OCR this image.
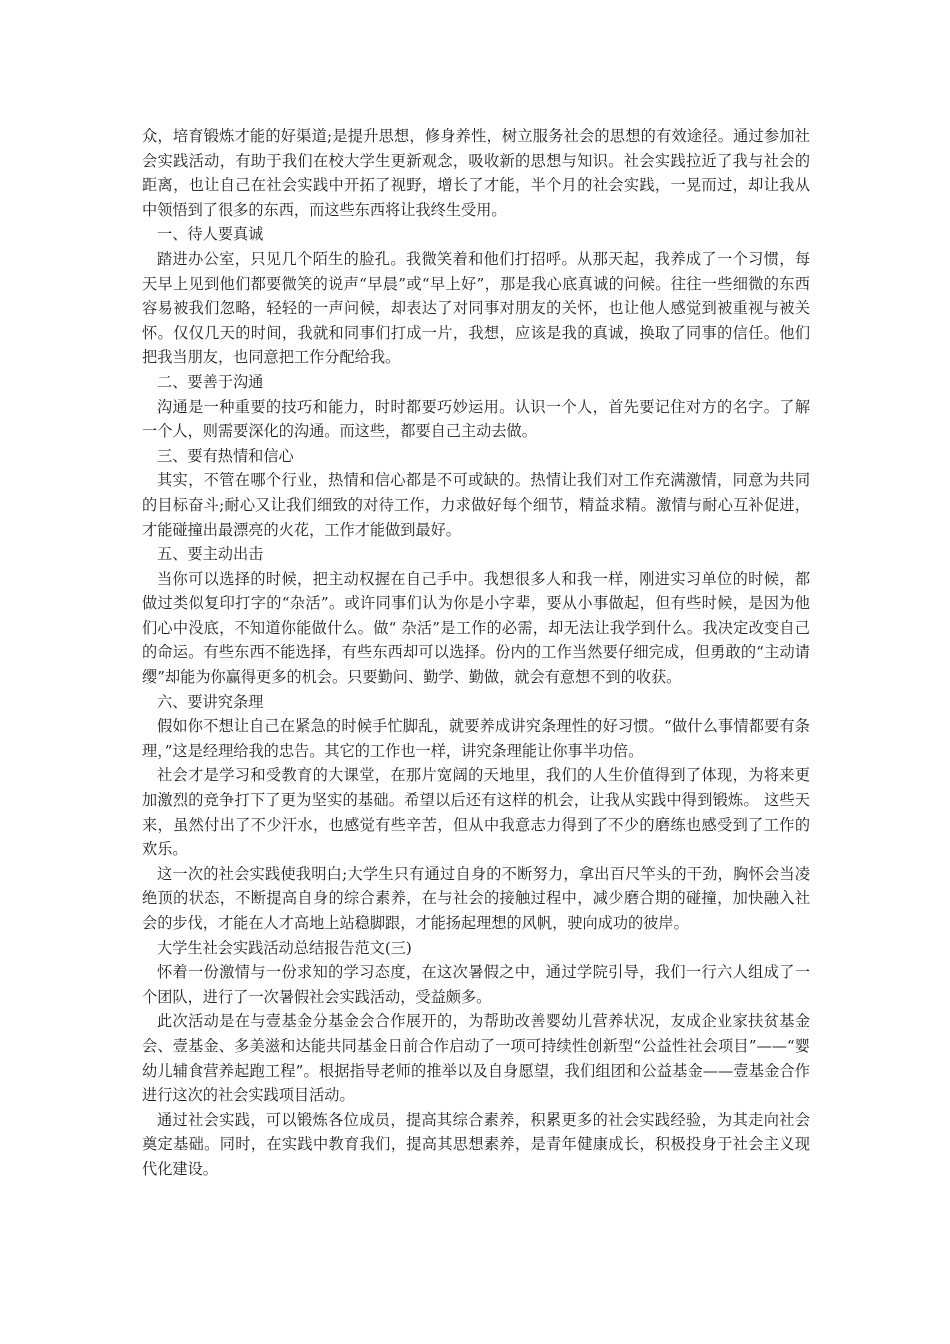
众，培育锻炼才能的好渠道;是提升思想，修身养性，树立服务社会的思想的有效途径。通过参加社会实践活动，有助于我们在校大学生更新观念，吸收新的思想与知识。社会实践拉近了我与社会的距离，也让自己在社会实践中开拓了视野，增长了才能，半个月的社会实践，一晃而过，却让我从中领悟到了很多的东西，而这些东西将让我终生受用。

一、待人要真诚

踏进办公室，只见几个陌生的脸孔。我微笑着和他们打招呼。从那天起，我养成了一个习惯，每天早上见到他们都要微笑的说声“早晨”或“早上好”，那是我心底真诚的问候。往往一些细微的东西容易被我们忽略，轻轻的一声问候，却表达了对同事对朋友的关怀，也让他人感觉到被重视与被关怀。仅仅几天的时间，我就和同事们打成一片，我想，应该是我的真诚，换取了同事的信任。他们把我当朋友，也同意把工作分配给我。

二、要善于沟通

沟通是一种重要的技巧和能力，时时都要巧妙运用。认识一个人，首先要记住对方的名字。了解一个人，则需要深化的沟通。而这些，都要自己主动去做。

三、要有热情和信心

其实，不管在哪个行业，热情和信心都是不可或缺的。热情让我们对工作充满激情，同意为共同的目标奋斗;耐心又让我们细致的对待工作，力求做好每个细节，精益求精。激情与耐心互补促进，才能碰撞出最漂亮的火花，工作才能做到最好。

五、要主动出击

当你可以选择的时候，把主动权握在自己手中。我想很多人和我一样，刚进实习单位的时候，都做过类似复印打字的“杂活”。或许同事们认为你是小字辈，要从小事做起，但有些时候，是因为他们心中没底，不知道你能做什么。做“ 杂活”是工作的必需，却无法让我学到什么。我决定改变自己的命运。有些东西不能选择，有些东西却可以选择。份内的工作当然要仔细完成，但勇敢的“主动请缨”却能为你赢得更多的机会。只要勤问、勤学、勤做，就会有意想不到的收获。

六、要讲究条理

假如你不想让自己在紧急的时候手忙脚乱，就要养成讲究条理性的好习惯。“做什么事情都要有条理，”这是经理给我的忠告。其它的工作也一样，讲究条理能让你事半功倍。

社会才是学习和受教育的大课堂，在那片宽阔的天地里，我们的人生价值得到了体现，为将来更加激烈的竞争打下了更为坚实的基础。希望以后还有这样的机会，让我从实践中得到锻炼。 这些天来，虽然付出了不少汗水，也感觉有些辛苦，但从中我意志力得到了不少的磨练也感受到了工作的欢乐。

这一次的社会实践使我明白;大学生只有通过自身的不断努力，拿出百尺竿头的干劲，胸怀会当凌绝顶的状态，不断提高自身的综合素养，在与社会的接触过程中，减少磨合期的碰撞，加快融入社会的步伐，才能在人才高地上站稳脚跟，才能扬起理想的风帆，驶向成功的彼岸。

大学生社会实践活动总结报告范文(三)

怀着一份激情与一份求知的学习态度，在这次暑假之中，通过学院引导，我们一行六人组成了一个团队，进行了一次暑假社会实践活动，受益颇多。

此次活动是在与壹基金分基金会合作展开的，为帮助改善婴幼儿营养状况，友成企业家扶贫基金会、壹基金、多美滋和达能共同基金日前合作启动了一项可持续性创新型“公益性社会项目”——“婴幼儿辅食营养起跑工程”。根据指导老师的推举以及自身愿望，我们组团和公益基金——壹基金合作进行这次的社会实践项目活动。

通过社会实践，可以锻炼各位成员，提高其综合素养，积累更多的社会实践经验，为其走向社会奠定基础。同时，在实践中教育我们，提高其思想素养，是青年健康成长，积极投身于社会主义现代化建设。
